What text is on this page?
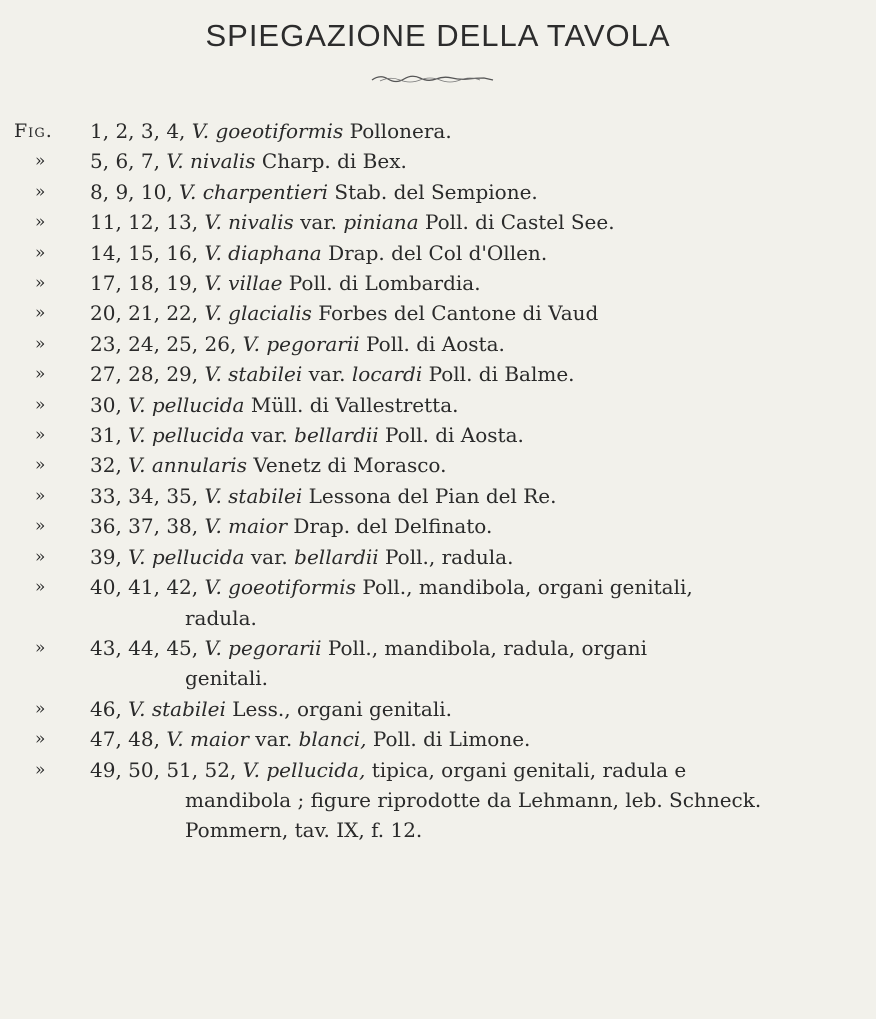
SPIEGAZIONE DELLA TAVOLA
Fig.	1, 2, 3, 4, V. goeotiformis Pollonera.
»	5, 6, 7, V. nivalis Charp. di Bex.
»	8, 9, 10, V. charpentieri Stab. del Sempione.
»	11, 12, 13, V. nivalis var. piniana Poll. di Castel See.
»	14, 15, 16, V. diaphana Drap. del Col d'Ollen.
»	17, 18, 19, V. villae Poll. di Lombardia.
»	20, 21, 22, V. glacialis Forbes del Cantone di Vaud
»	23, 24, 25, 26, V. pegorarii Poll. di Aosta.
»	27, 28, 29, V. stabilei var. locardi Poll. di Balme.
»	30, V. pellucida Müll. di Vallestretta.
»	31, V. pellucida var. bellardii Poll. di Aosta.
»	32, V. annularis Venetz di Morasco.
»	33, 34, 35, V. stabilei Lessona del Pian del Re.
»	36, 37, 38, V. maior Drap. del Delfinato.
»	39, V. pellucida var. bellardii Poll., radula.
»	40, 41, 42, V. goeotiformis Poll., mandibola, organi genitali,
radula.
»	43, 44, 45, V. pegorarii Poll., mandibola, radula, organi
genitali.
»	46, V. stabilei Less., organi genitali.
»	47, 48, V. maior var. blanci, Poll. di Limone.
»	49, 50, 51, 52, V. pellucida, tipica, organi genitali, radula e
mandibola ; figure riprodotte da Lehmann, leb. Schneck.
Pommern, tav. IX, f. 12.
